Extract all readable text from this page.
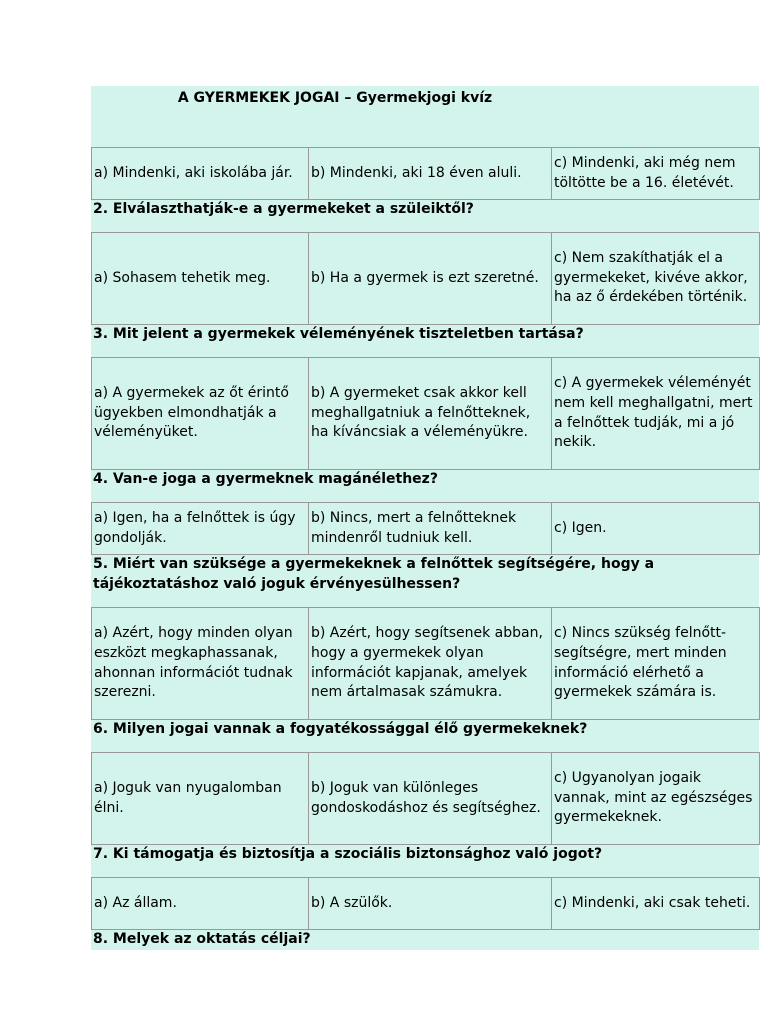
A GYERMEKEK JOGAI – Gyermekjogi kvíz
a) Mindenki, aki iskolába jár.	b) Mindenki, aki 18 éven aluli.	c) Mindenki, aki még nem töltötte be a 16. életévét.
2. Elválaszthatják-e a gyermekeket a szüleiktől?
a) Sohasem tehetik meg.	b) Ha a gyermek is ezt szeretné.	c) Nem szakíthatják el a gyermekeket, kivéve akkor, ha az ő érdekében történik.
3. Mit jelent a gyermekek véleményének tiszteletben tartása?
a) A gyermekek az őt érintő ügyekben elmondhatják a véleményüket.	b) A gyermeket csak akkor kell meghallgatniuk a felnőtteknek, ha kíváncsiak a véleményükre.	c) A gyermekek véleményét nem kell meghallgatni, mert a felnőttek tudják, mi a jó nekik.
4. Van-e joga a gyermeknek magánélethez?
a) Igen, ha a felnőttek is úgy gondolják.	b) Nincs, mert a felnőtteknek mindenről tudniuk kell.	c) Igen.
5. Miért van szüksége a gyermekeknek a felnőttek segítségére, hogy a tájékoztatáshoz való joguk érvényesülhessen?
a) Azért, hogy minden olyan eszközt megkaphassanak, ahonnan információt tudnak szerezni.	b) Azért, hogy segítsenek abban, hogy a gyermekek olyan információt kapjanak, amelyek nem ártalmasak számukra.	c) Nincs szükség felnőtt-segítségre, mert minden információ elérhető a gyermekek számára is.
6. Milyen jogai vannak a fogyatékossággal élő gyermekeknek?
a) Joguk van nyugalomban élni.	b) Joguk van különleges gondoskodáshoz és segítséghez.	c) Ugyanolyan jogaik vannak, mint az egészséges gyermekeknek.
7. Ki támogatja és biztosítja a szociális biztonsághoz való jogot?
a) Az állam.	b) A szülők.	c) Mindenki, aki csak teheti.
8. Melyek az oktatás céljai?
